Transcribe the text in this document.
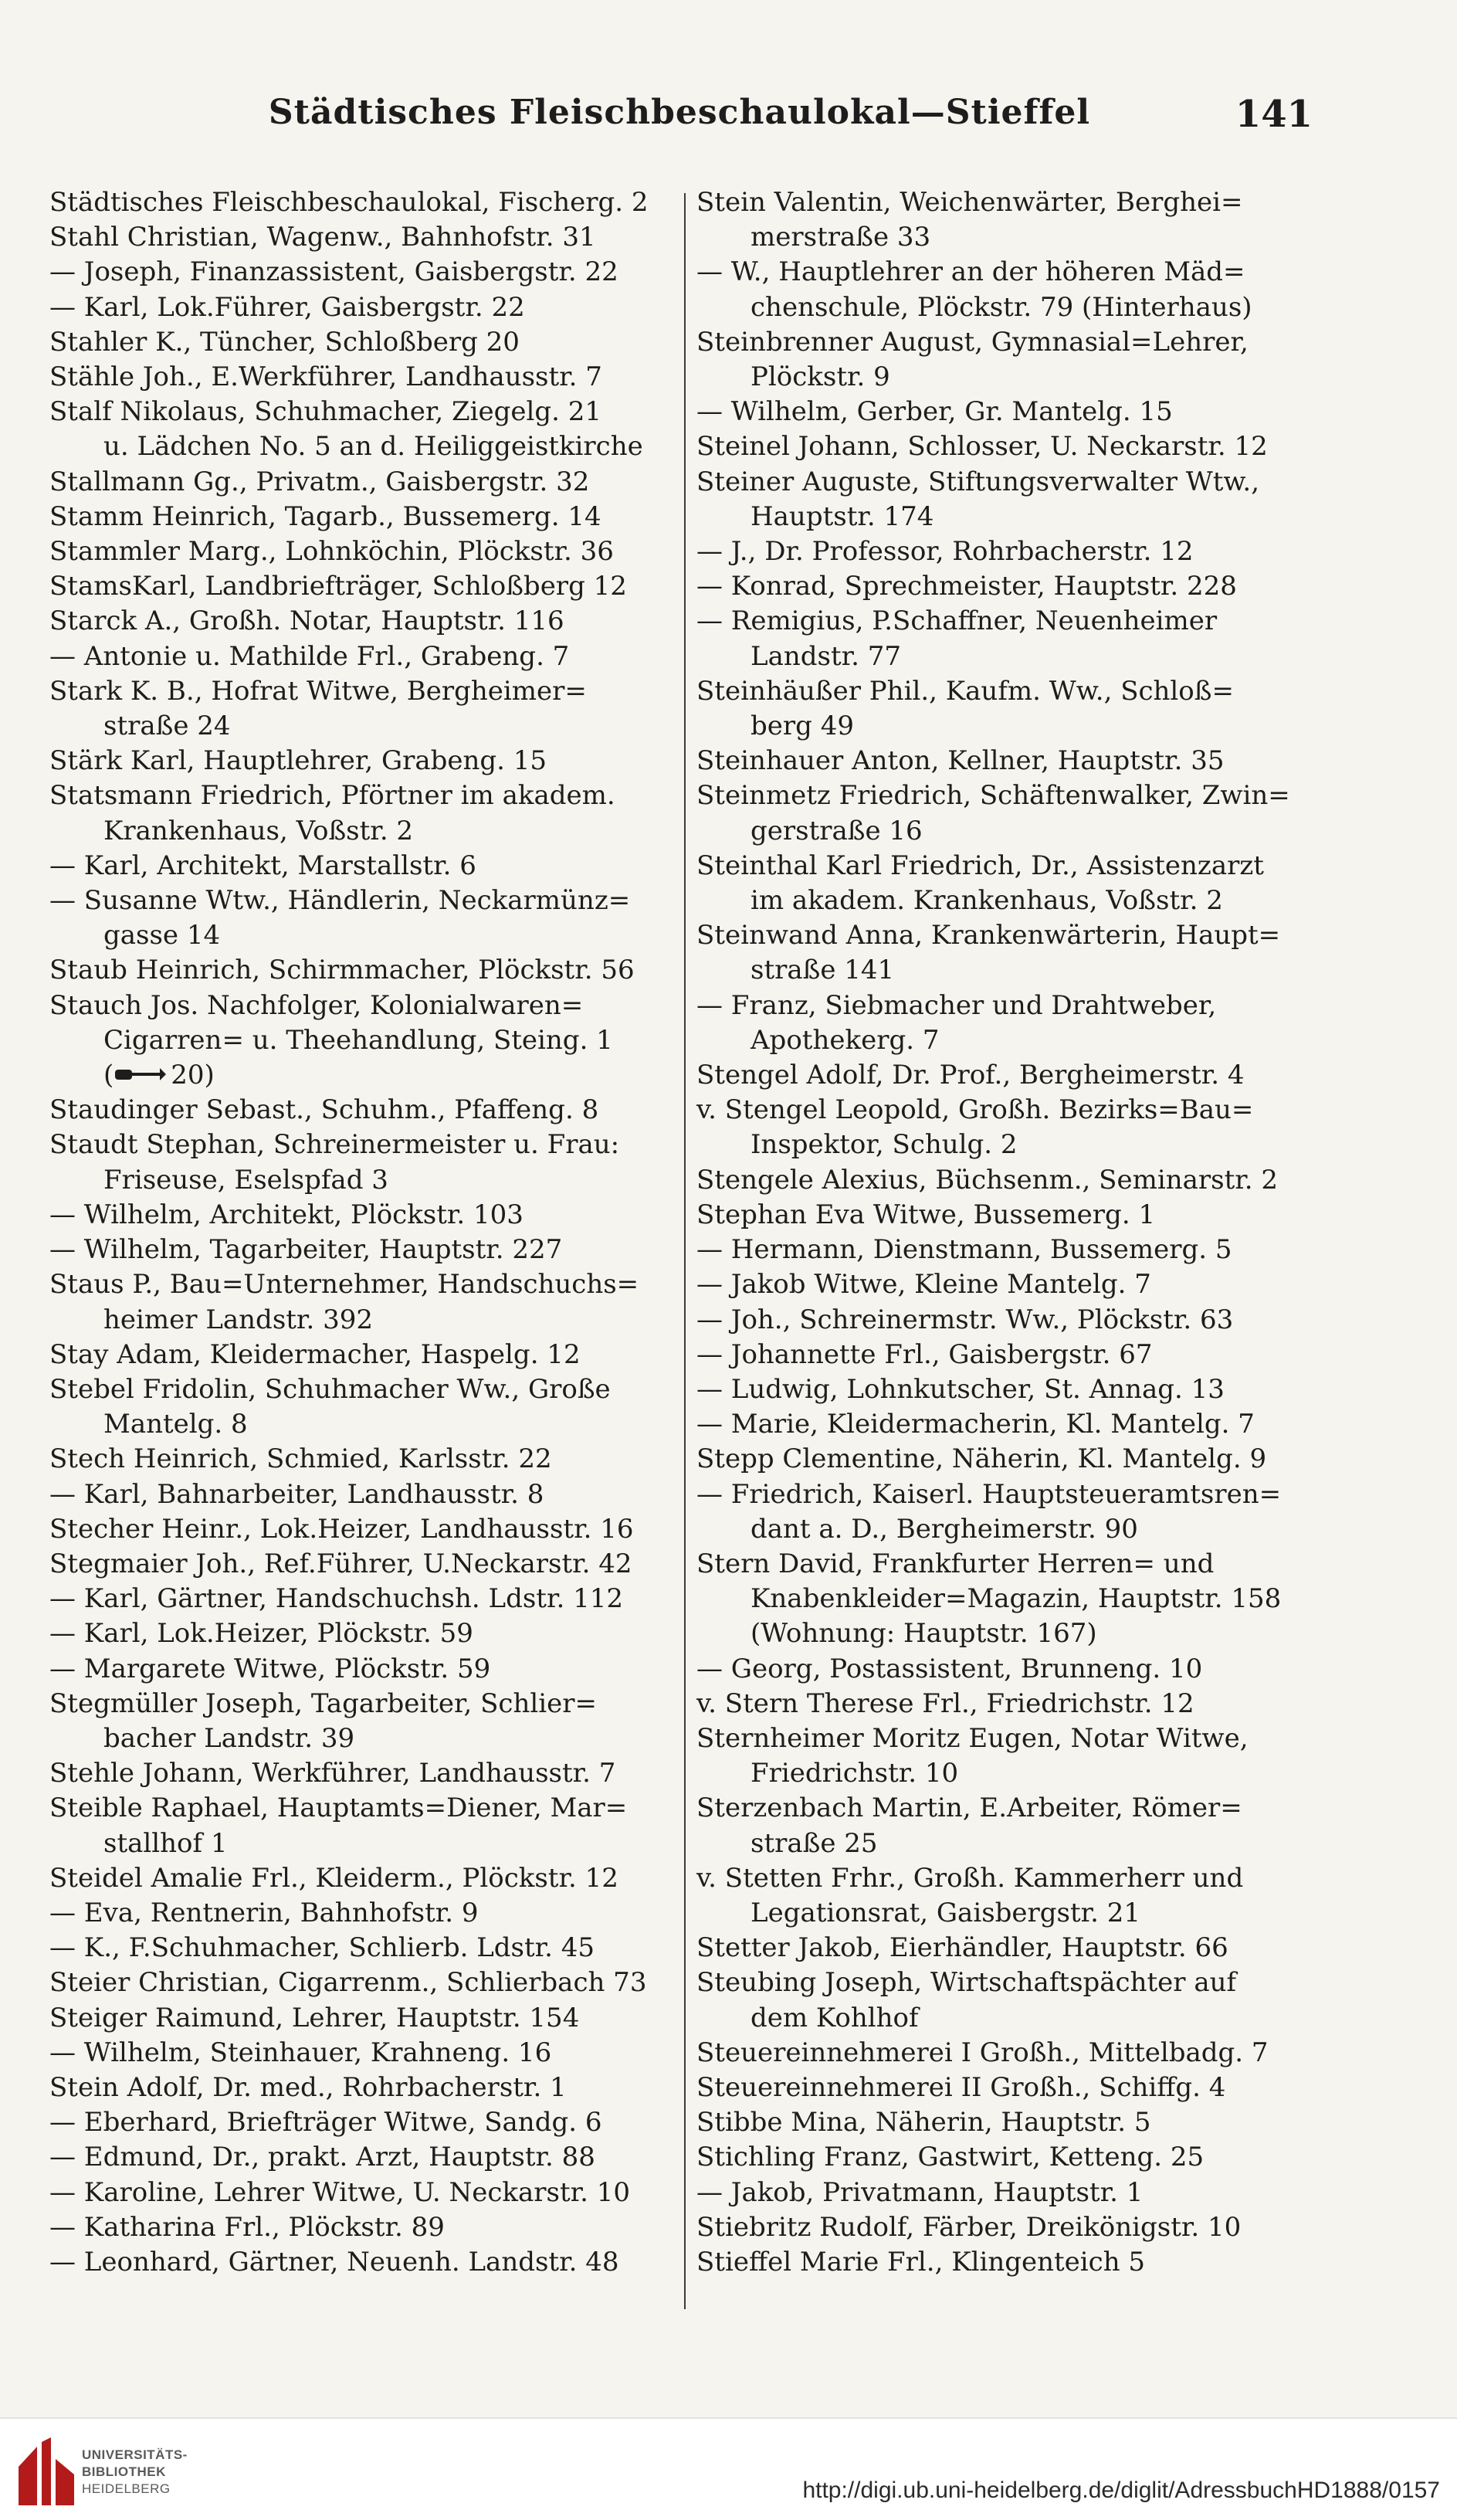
Städtisches Fleischbeschaulokal—Stieffel	141
Städtisches Fleischbeschaulokal, Fischerg. 2
Stahl Christian, Wagenw., Bahnhofstr. 31
— Joseph, Finanzassistent, Gaisbergstr. 22
— Karl, Lok.Führer, Gaisbergstr. 22
Stahler K., Tüncher, Schloßberg 20
Stähle Joh., E.Werkführer, Landhausstr. 7
Stalf Nikolaus, Schuhmacher, Ziegelg. 21
u. Lädchen No. 5 an d. Heiliggeistkirche
Stallmann Gg., Privatm., Gaisbergstr. 32
Stamm Heinrich, Tagarb., Bussemerg. 14
Stammler Marg., Lohnköchin, Plöckstr. 36
StamsKarl, Landbriefträger, Schloßberg 12
Starck A., Großh. Notar, Hauptstr. 116
— Antonie u. Mathilde Frl., Grabeng. 7
Stark K. B., Hofrat Witwe, Bergheimer=
straße 24
Stärk Karl, Hauptlehrer, Grabeng. 15
Statsmann Friedrich, Pförtner im akadem.
Krankenhaus, Voßstr. 2
— Karl, Architekt, Marstallstr. 6
— Susanne Wtw., Händlerin, Neckarmünz=
gasse 14
Staub Heinrich, Schirmmacher, Plöckstr. 56
Stauch Jos. Nachfolger, Kolonialwaren=
Cigarren= u. Theehandlung, Steing. 1
( 20)
Staudinger Sebast., Schuhm., Pfaffeng. 8
Staudt Stephan, Schreinermeister u. Frau:
Friseuse, Eselspfad 3
— Wilhelm, Architekt, Plöckstr. 103
— Wilhelm, Tagarbeiter, Hauptstr. 227
Staus P., Bau=Unternehmer, Handschuchs=
heimer Landstr. 392
Stay Adam, Kleidermacher, Haspelg. 12
Stebel Fridolin, Schuhmacher Ww., Große
Mantelg. 8
Stech Heinrich, Schmied, Karlsstr. 22
— Karl, Bahnarbeiter, Landhausstr. 8
Stecher Heinr., Lok.Heizer, Landhausstr. 16
Stegmaier Joh., Ref.Führer, U.Neckarstr. 42
— Karl, Gärtner, Handschuchsh. Ldstr. 112
— Karl, Lok.Heizer, Plöckstr. 59
— Margarete Witwe, Plöckstr. 59
Stegmüller Joseph, Tagarbeiter, Schlier=
bacher Landstr. 39
Stehle Johann, Werkführer, Landhausstr. 7
Steible Raphael, Hauptamts=Diener, Mar=
stallhof 1
Steidel Amalie Frl., Kleiderm., Plöckstr. 12
— Eva, Rentnerin, Bahnhofstr. 9
— K., F.Schuhmacher, Schlierb. Ldstr. 45
Steier Christian, Cigarrenm., Schlierbach 73
Steiger Raimund, Lehrer, Hauptstr. 154
— Wilhelm, Steinhauer, Krahneng. 16
Stein Adolf, Dr. med., Rohrbacherstr. 1
— Eberhard, Briefträger Witwe, Sandg. 6
— Edmund, Dr., prakt. Arzt, Hauptstr. 88
— Karoline, Lehrer Witwe, U. Neckarstr. 10
— Katharina Frl., Plöckstr. 89
— Leonhard, Gärtner, Neuenh. Landstr. 48
Stein Valentin, Weichenwärter, Berghei=
merstraße 33
— W., Hauptlehrer an der höheren Mäd=
chenschule, Plöckstr. 79 (Hinterhaus)
Steinbrenner August, Gymnasial=Lehrer,
Plöckstr. 9
— Wilhelm, Gerber, Gr. Mantelg. 15
Steinel Johann, Schlosser, U. Neckarstr. 12
Steiner Auguste, Stiftungsverwalter Wtw.,
Hauptstr. 174
— J., Dr. Professor, Rohrbacherstr. 12
— Konrad, Sprechmeister, Hauptstr. 228
— Remigius, P.Schaffner, Neuenheimer
Landstr. 77
Steinhäußer Phil., Kaufm. Ww., Schloß=
berg 49
Steinhauer Anton, Kellner, Hauptstr. 35
Steinmetz Friedrich, Schäftenwalker, Zwin=
gerstraße 16
Steinthal Karl Friedrich, Dr., Assistenzarzt
im akadem. Krankenhaus, Voßstr. 2
Steinwand Anna, Krankenwärterin, Haupt=
straße 141
— Franz, Siebmacher und Drahtweber,
Apothekerg. 7
Stengel Adolf, Dr. Prof., Bergheimerstr. 4
v. Stengel Leopold, Großh. Bezirks=Bau=
Inspektor, Schulg. 2
Stengele Alexius, Büchsenm., Seminarstr. 2
Stephan Eva Witwe, Bussemerg. 1
— Hermann, Dienstmann, Bussemerg. 5
— Jakob Witwe, Kleine Mantelg. 7
— Joh., Schreinermstr. Ww., Plöckstr. 63
— Johannette Frl., Gaisbergstr. 67
— Ludwig, Lohnkutscher, St. Annag. 13
— Marie, Kleidermacherin, Kl. Mantelg. 7
Stepp Clementine, Näherin, Kl. Mantelg. 9
— Friedrich, Kaiserl. Hauptsteueramtsren=
dant a. D., Bergheimerstr. 90
Stern David, Frankfurter Herren= und
Knabenkleider=Magazin, Hauptstr. 158
(Wohnung: Hauptstr. 167)
— Georg, Postassistent, Brunneng. 10
v. Stern Therese Frl., Friedrichstr. 12
Sternheimer Moritz Eugen, Notar Witwe,
Friedrichstr. 10
Sterzenbach Martin, E.Arbeiter, Römer=
straße 25
v. Stetten Frhr., Großh. Kammerherr und
Legationsrat, Gaisbergstr. 21
Stetter Jakob, Eierhändler, Hauptstr. 66
Steubing Joseph, Wirtschaftspächter auf
dem Kohlhof
Steuereinnehmerei I Großh., Mittelbadg. 7
Steuereinnehmerei II Großh., Schiffg. 4
Stibbe Mina, Näherin, Hauptstr. 5
Stichling Franz, Gastwirt, Ketteng. 25
— Jakob, Privatmann, Hauptstr. 1
Stiebritz Rudolf, Färber, Dreikönigstr. 10
Stieffel Marie Frl., Klingenteich 5
UNIVERSITÄTS-
BIBLIOTHEK
HEIDELBERG	http://digi.ub.uni-heidelberg.de/diglit/AdressbuchHD1888/0157
